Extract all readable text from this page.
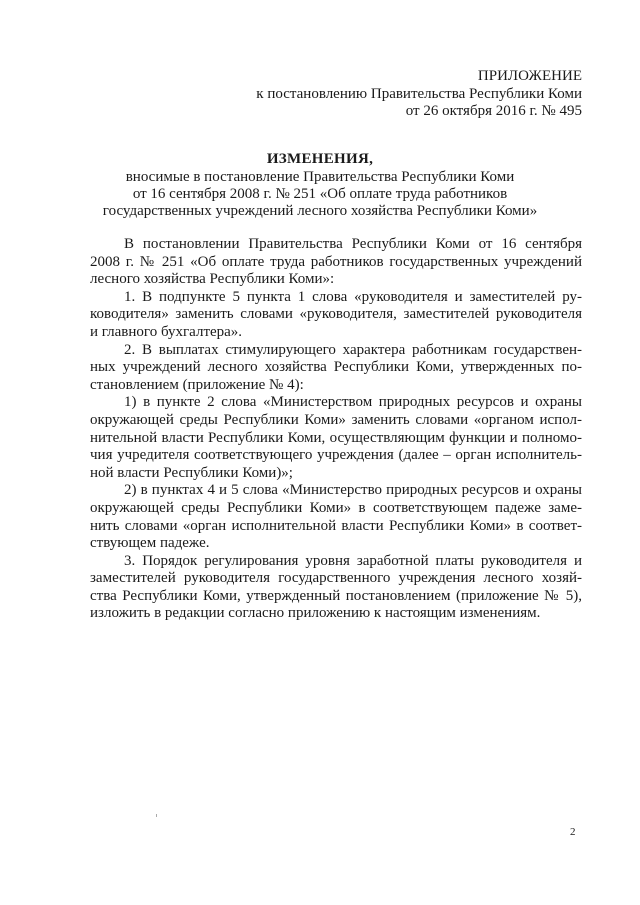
ПРИЛОЖЕНИЕ
к постановлению Правительства Республики Коми
от 26 октября 2016 г. № 495
ИЗМЕНЕНИЯ,
вносимые в постановление Правительства Республики Коми
от 16 сентября 2008 г. № 251 «Об оплате труда работников
государственных учреждений лесного хозяйства Республики Коми»
В постановлении Правительства Республики Коми от 16 сентября
2008 г. № 251 «Об оплате труда работников государственных учреждений
лесного хозяйства Республики Коми»:
1. В подпункте 5 пункта 1 слова «руководителя и заместителей ру-
ководителя» заменить словами «руководителя, заместителей руководителя
и главного бухгалтера».
2. В выплатах стимулирующего характера работникам государствен-
ных учреждений лесного хозяйства Республики Коми, утвержденных по-
становлением (приложение № 4):
1) в пункте 2 слова «Министерством природных ресурсов и охраны
окружающей среды Республики Коми» заменить словами «органом испол-
нительной власти Республики Коми, осуществляющим функции и полномо-
чия учредителя соответствующего учреждения (далее – орган исполнитель-
ной власти Республики Коми)»;
2) в пунктах 4 и 5 слова «Министерство природных ресурсов и охраны
окружающей среды Республики Коми» в соответствующем падеже заме-
нить словами «орган исполнительной власти Республики Коми» в соответ-
ствующем падеже.
3. Порядок регулирования уровня заработной платы руководителя и
заместителей руководителя государственного учреждения лесного хозяй-
ства Республики Коми, утвержденный постановлением (приложение № 5),
изложить в редакции согласно приложению к настоящим изменениям.
2
